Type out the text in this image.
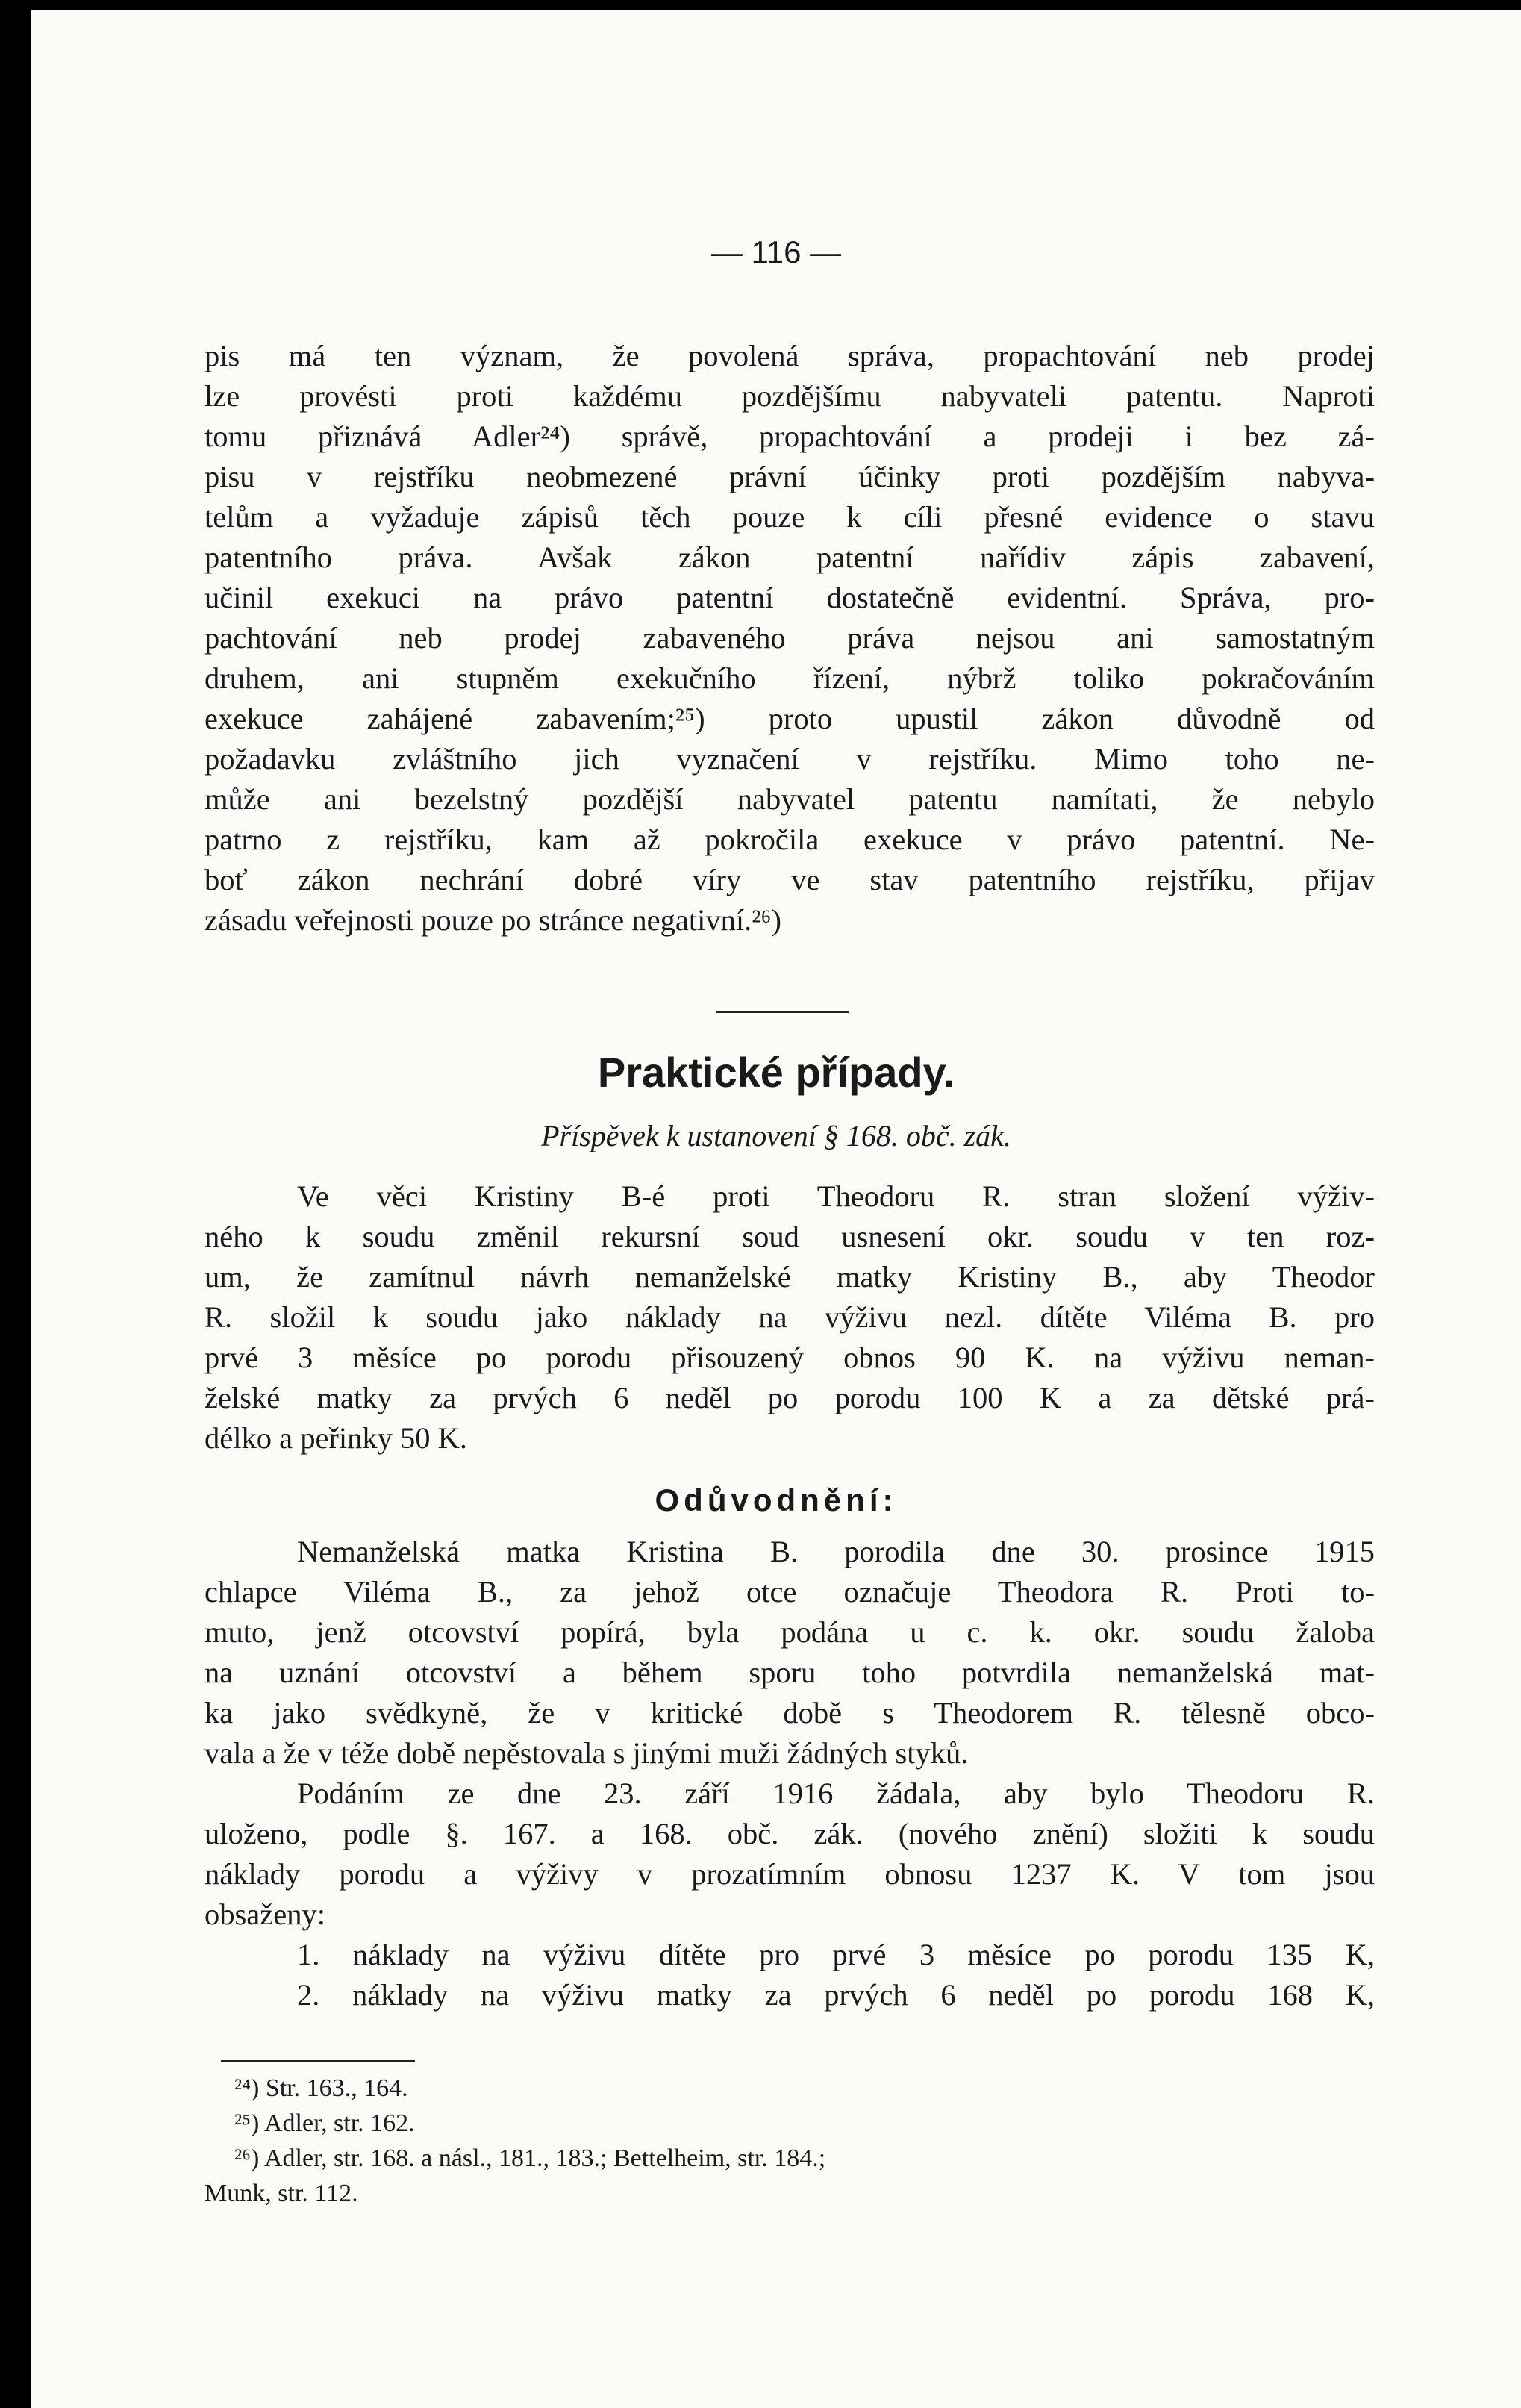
— 116 —
pis má ten význam, že povolená správa, propachtování neb prodej
lze provésti proti každému pozdějšímu nabyvateli patentu. Naproti
tomu přiznává Adler²⁴) správě, propachtování a prodeji i bez zá-
pisu v rejstříku neobmezené právní účinky proti pozdějším nabyva-
telům a vyžaduje zápisů těch pouze k cíli přesné evidence o stavu
patentního práva. Avšak zákon patentní nařídiv zápis zabavení,
učinil exekuci na právo patentní dostatečně evidentní. Správa, pro-
pachtování neb prodej zabaveného práva nejsou ani samostatným
druhem, ani stupněm exekučního řízení, nýbrž toliko pokračováním
exekuce zahájené zabavením;²⁵) proto upustil zákon důvodně od
požadavku zvláštního jich vyznačení v rejstříku. Mimo toho ne-
může ani bezelstný pozdější nabyvatel patentu namítati, že nebylo
patrno z rejstříku, kam až pokročila exekuce v právo patentní. Ne-
boť zákon nechrání dobré víry ve stav patentního rejstříku, přijav
zásadu veřejnosti pouze po stránce negativní.²⁶)
Praktické případy.
Příspěvek k ustanovení § 168. obč. zák.
Ve věci Kristiny B-é proti Theodoru R. stran složení výživ-
ného k soudu změnil rekursní soud usnesení okr. soudu v ten roz-
um, že zamítnul návrh nemanželské matky Kristiny B., aby Theodor
R. složil k soudu jako náklady na výživu nezl. dítěte Viléma B. pro
prvé 3 měsíce po porodu přisouzený obnos 90 K. na výživu neman-
želské matky za prvých 6 neděl po porodu 100 K a za dětské prá-
délko a peřinky 50 K.
Odůvodnění:
Nemanželská matka Kristina B. porodila dne 30. prosince 1915
chlapce Viléma B., za jehož otce označuje Theodora R. Proti to-
muto, jenž otcovství popírá, byla podána u c. k. okr. soudu žaloba
na uznání otcovství a během sporu toho potvrdila nemanželská mat-
ka jako svědkyně, že v kritické době s Theodorem R. tělesně obco-
vala a že v téže době nepěstovala s jinými muži žádných styků.
Podáním ze dne 23. září 1916 žádala, aby bylo Theodoru R.
uloženo, podle §. 167. a 168. obč. zák. (nového znění) složiti k soudu
náklady porodu a výživy v prozatímním obnosu 1237 K. V tom jsou
obsaženy:
1. náklady na výživu dítěte pro prvé 3 měsíce po porodu 135 K,
2. náklady na výživu matky za prvých 6 neděl po porodu 168 K,
²⁴) Str. 163., 164.
²⁵) Adler, str. 162.
²⁶) Adler, str. 168. a násl., 181., 183.; Bettelheim, str. 184.;
Munk, str. 112.
